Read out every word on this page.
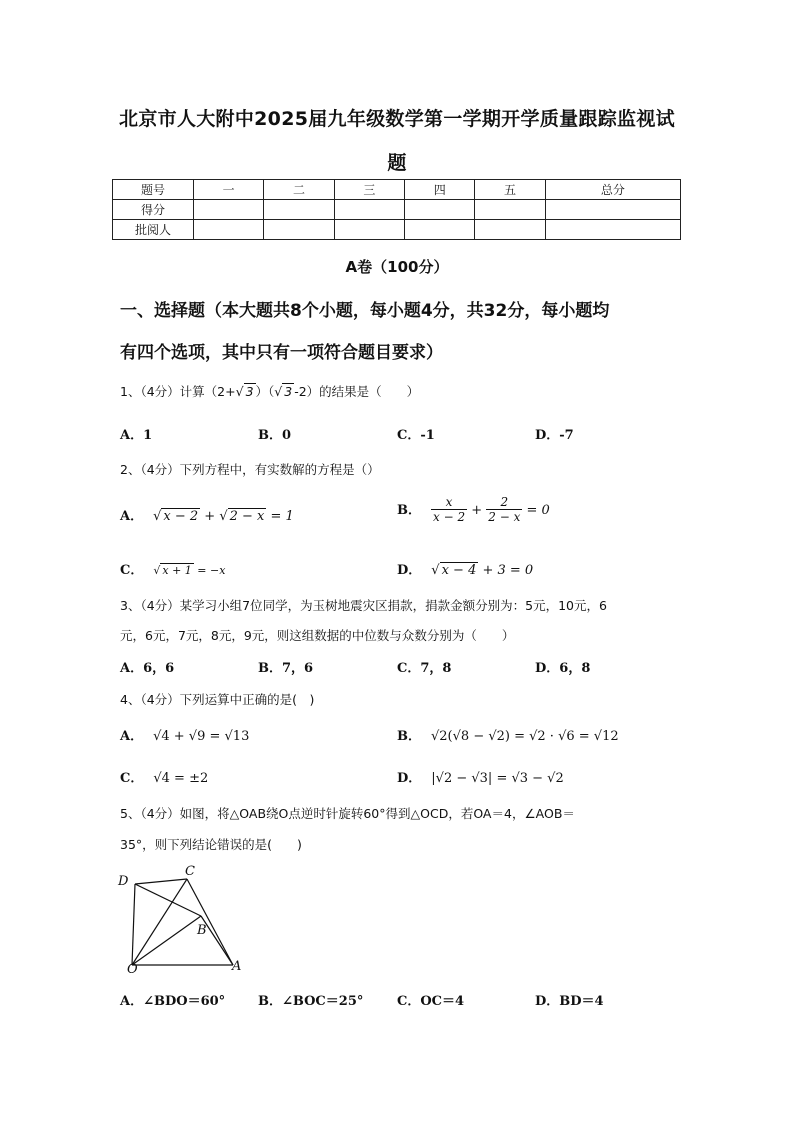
北京市人大附中2025届九年级数学第一学期开学质量跟踪监视试
题
题号	一	二	三	四	五	总分
得分						
批阅人						
A卷（100分）
一、选择题（本大题共8个小题，每小题4分，共32分，每小题均
有四个选项，其中只有一项符合题目要求）
1、（4分）计算（2+√ 3 ）（√ 3 -2）的结果是（　　）
A．1	B．0	C．-1	D．-7
2、（4分）下列方程中，有实数解的方程是（）
A． √ x − 2 + √ 2 − x = 1	B． $\frac{x}{x - 2} + \frac{2}{2 - x} = 0$
C． √ x + 1 = −x	D． √ x − 4 + 3 = 0
3、（4分）某学习小组7位同学，为玉树地震灾区捐款，捐款金额分别为：5元，10元，6
元，6元，7元，8元，9元，则这组数据的中位数与众数分别为（　　）
A．6，6	B．7，6	C．7，8	D．6，8
4、（4分）下列运算中正确的是(　)
A． √4 + √9 = √13	B． √2(√8 − √2) = √2 · √6 = √12
C． √4 = ±2	D． |√2 − √3| = √3 − √2
5、（4分）如图，将△OAB绕O点逆时针旋转60°得到△OCD，若OA＝4，∠AOB＝
35°，则下列结论错误的是(　　)
D
C
B
O	A
A．∠BDO＝60°	B．∠BOC＝25°	C．OC＝4	D．BD＝4
